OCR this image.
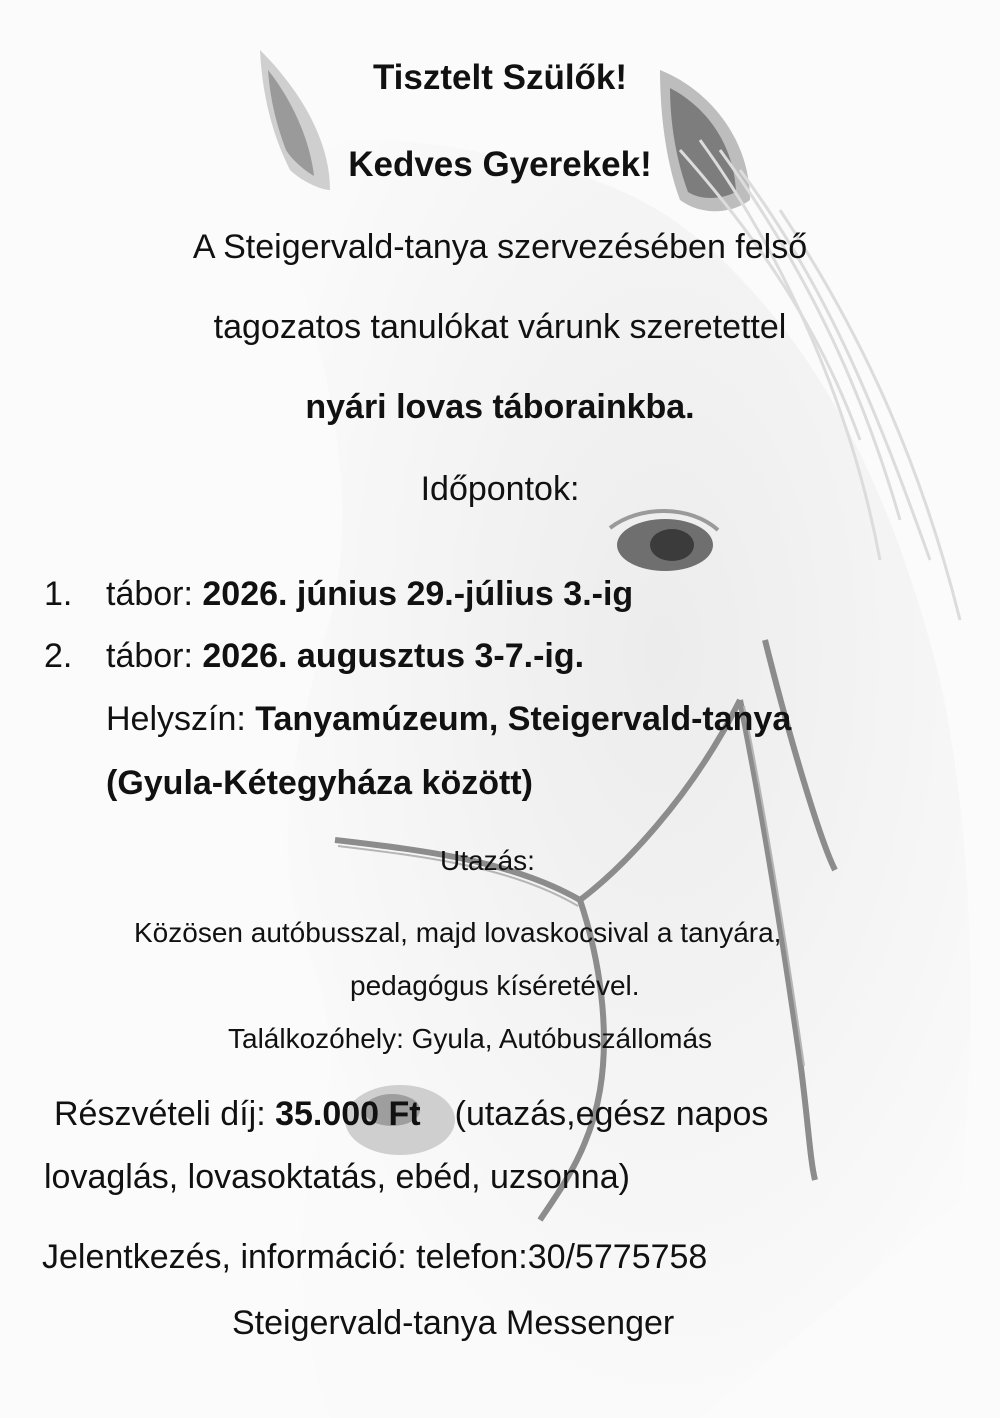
Tisztelt Szülők!
Kedves Gyerekek!
A Steigervald-tanya szervezésében felső
tagozatos tanulókat várunk szeretettel
nyári lovas táborainkba.
Időpontok:
1. tábor: 2026. június 29.-július 3.-ig
2. tábor: 2026. augusztus 3-7.-ig.
Helyszín: Tanyamúzeum, Steigervald-tanya
(Gyula-Kétegyháza között)
Utazás:
Közösen autóbusszal, majd lovaskocsival a tanyára,
pedagógus kíséretével.
Találkozóhely: Gyula, Autóbuszállomás
Részvételi díj: 35.000 Ft (utazás,egész napos
lovaglás, lovasoktatás, ebéd, uzsonna)
Jelentkezés, információ: telefon:30/5775758
Steigervald-tanya Messenger
